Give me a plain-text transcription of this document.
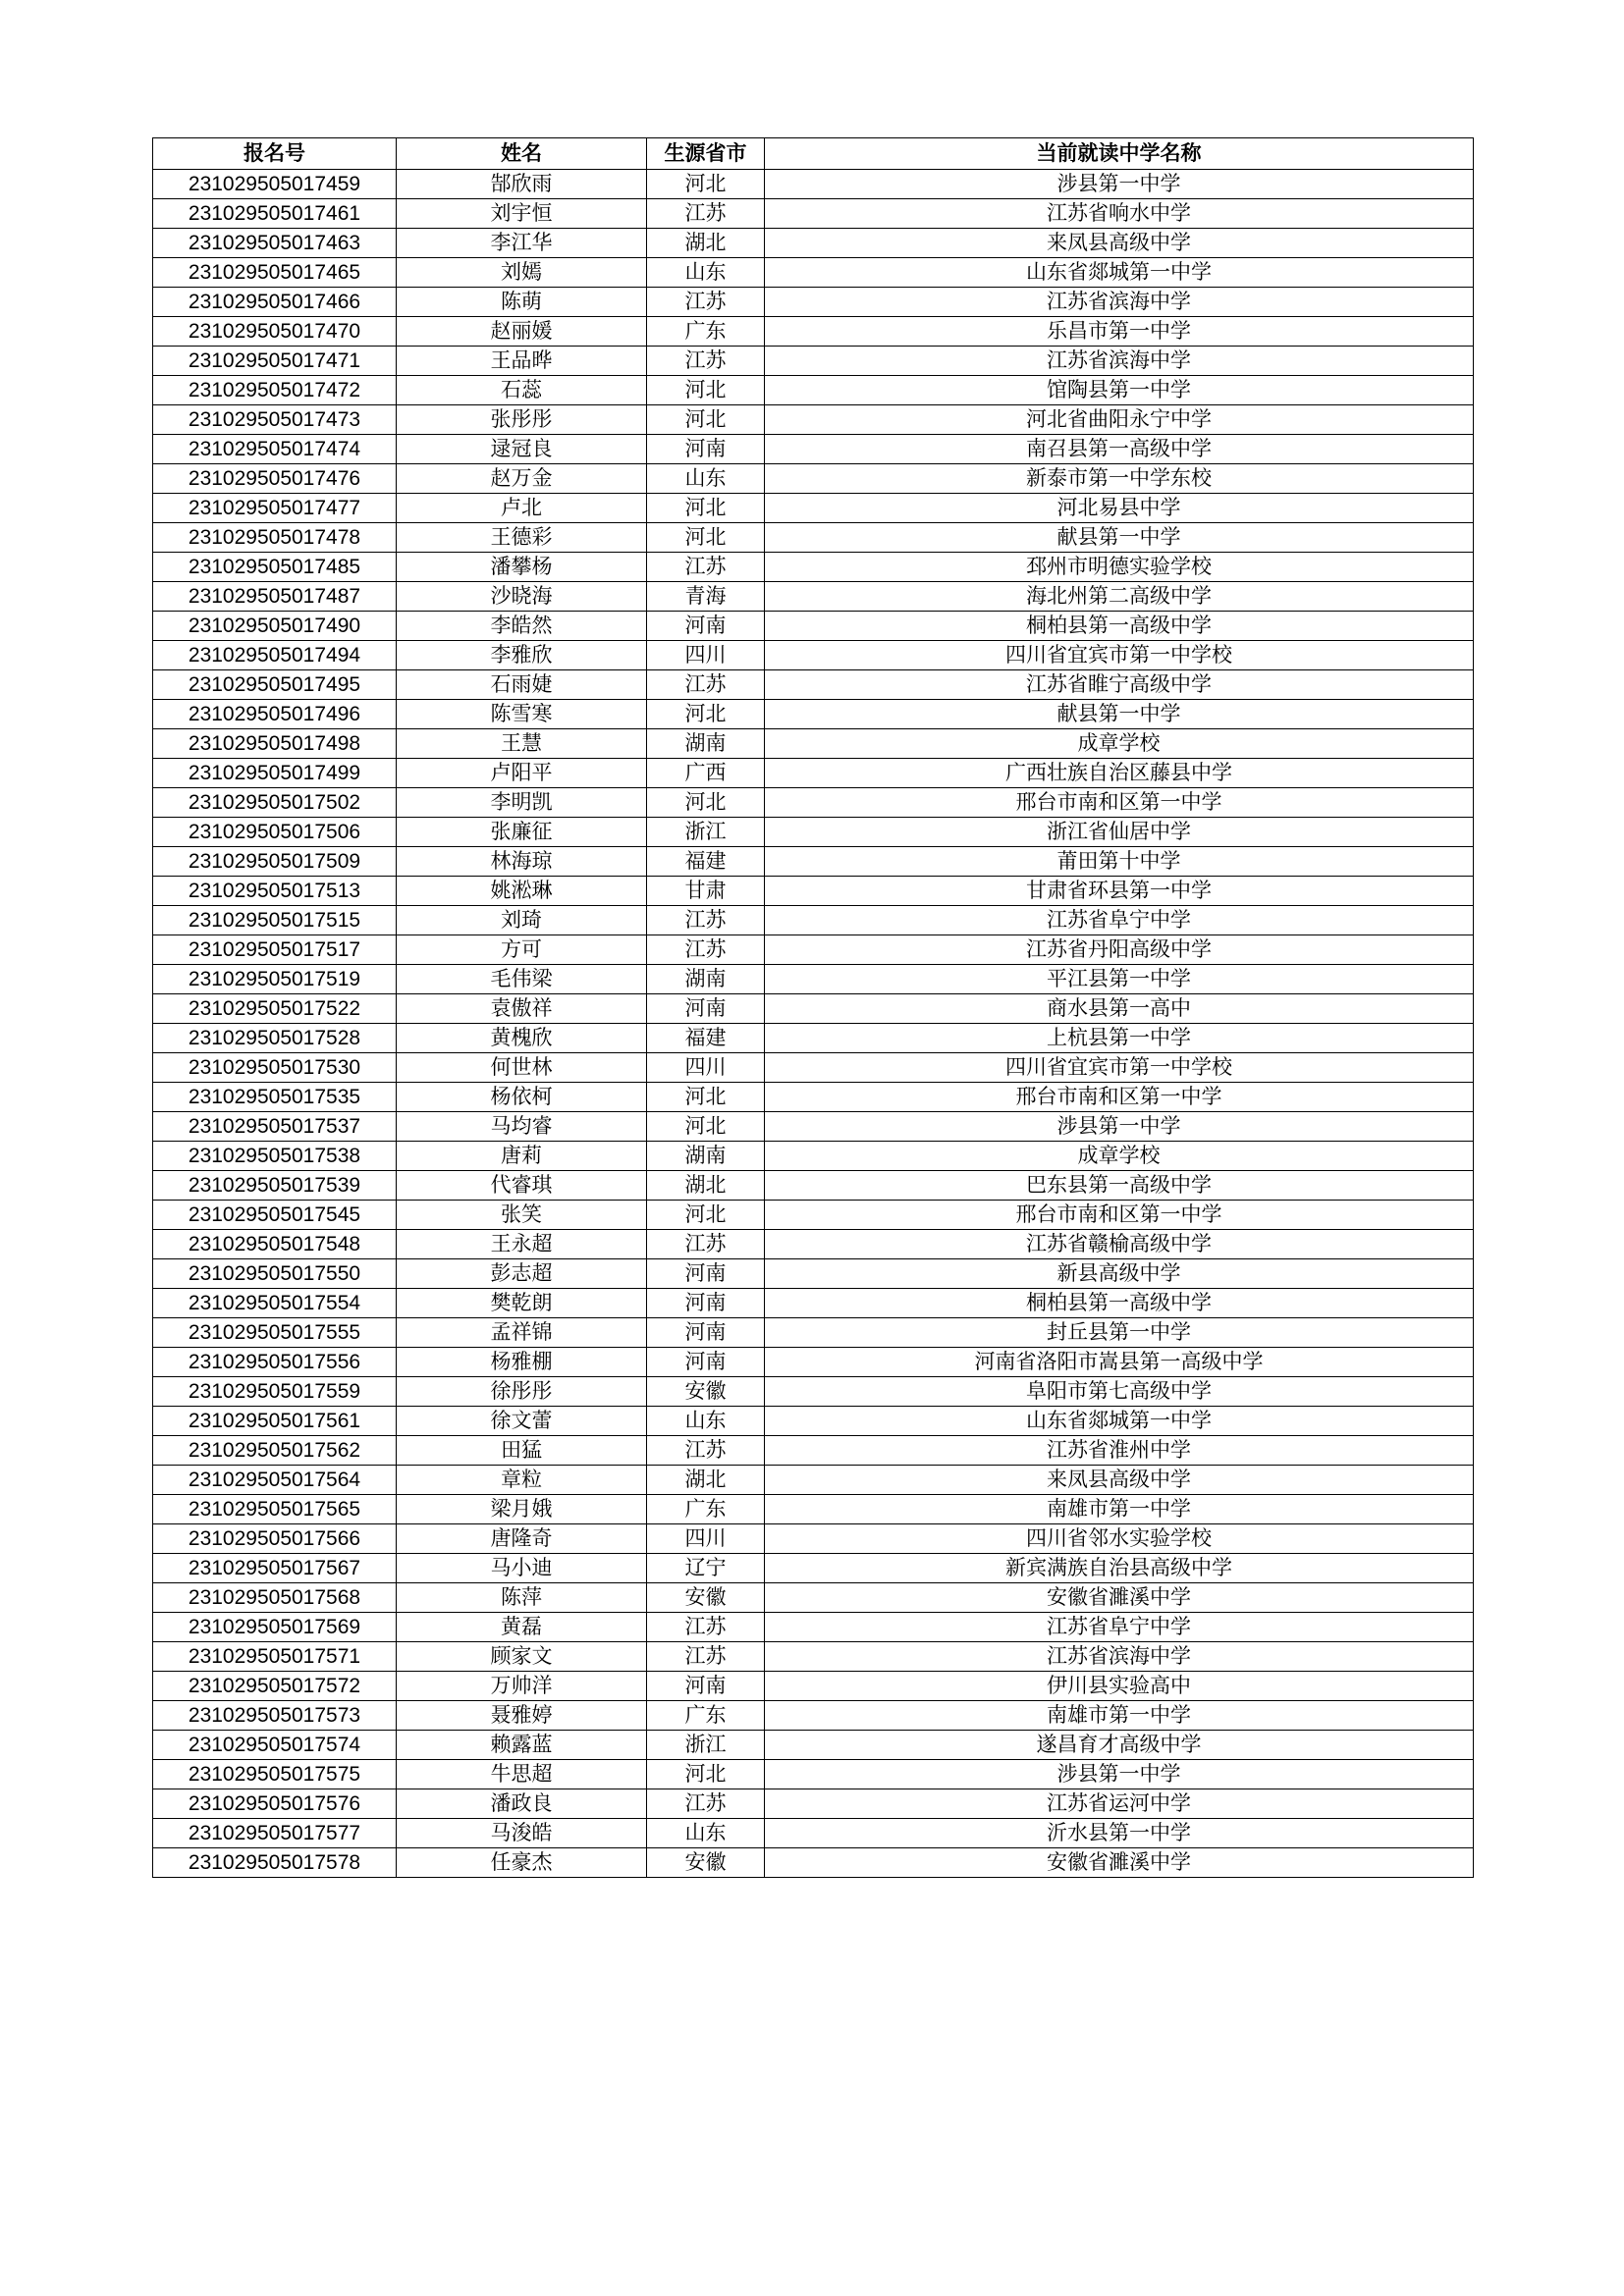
报名号	姓名	生源省市	当前就读中学名称
231029505017459	郜欣雨	河北	涉县第一中学
231029505017461	刘宇恒	江苏	江苏省响水中学
231029505017463	李江华	湖北	来凤县高级中学
231029505017465	刘嫣	山东	山东省郯城第一中学
231029505017466	陈萌	江苏	江苏省滨海中学
231029505017470	赵丽媛	广东	乐昌市第一中学
231029505017471	王品晔	江苏	江苏省滨海中学
231029505017472	石蕊	河北	馆陶县第一中学
231029505017473	张彤彤	河北	河北省曲阳永宁中学
231029505017474	逯冠良	河南	南召县第一高级中学
231029505017476	赵万金	山东	新泰市第一中学东校
231029505017477	卢北	河北	河北易县中学
231029505017478	王德彩	河北	献县第一中学
231029505017485	潘攀杨	江苏	邳州市明德实验学校
231029505017487	沙晓海	青海	海北州第二高级中学
231029505017490	李皓然	河南	桐柏县第一高级中学
231029505017494	李雅欣	四川	四川省宜宾市第一中学校
231029505017495	石雨婕	江苏	江苏省睢宁高级中学
231029505017496	陈雪寒	河北	献县第一中学
231029505017498	王慧	湖南	成章学校
231029505017499	卢阳平	广西	广西壮族自治区藤县中学
231029505017502	李明凯	河北	邢台市南和区第一中学
231029505017506	张廉征	浙江	浙江省仙居中学
231029505017509	林海琼	福建	莆田第十中学
231029505017513	姚淞琳	甘肃	甘肃省环县第一中学
231029505017515	刘琦	江苏	江苏省阜宁中学
231029505017517	方可	江苏	江苏省丹阳高级中学
231029505017519	毛伟梁	湖南	平江县第一中学
231029505017522	袁傲祥	河南	商水县第一高中
231029505017528	黄槐欣	福建	上杭县第一中学
231029505017530	何世林	四川	四川省宜宾市第一中学校
231029505017535	杨依柯	河北	邢台市南和区第一中学
231029505017537	马均睿	河北	涉县第一中学
231029505017538	唐莉	湖南	成章学校
231029505017539	代睿琪	湖北	巴东县第一高级中学
231029505017545	张笑	河北	邢台市南和区第一中学
231029505017548	王永超	江苏	江苏省赣榆高级中学
231029505017550	彭志超	河南	新县高级中学
231029505017554	樊乾朗	河南	桐柏县第一高级中学
231029505017555	孟祥锦	河南	封丘县第一中学
231029505017556	杨雅棚	河南	河南省洛阳市嵩县第一高级中学
231029505017559	徐彤彤	安徽	阜阳市第七高级中学
231029505017561	徐文蕾	山东	山东省郯城第一中学
231029505017562	田猛	江苏	江苏省淮州中学
231029505017564	章粒	湖北	来凤县高级中学
231029505017565	梁月娥	广东	南雄市第一中学
231029505017566	唐隆奇	四川	四川省邻水实验学校
231029505017567	马小迪	辽宁	新宾满族自治县高级中学
231029505017568	陈萍	安徽	安徽省濉溪中学
231029505017569	黄磊	江苏	江苏省阜宁中学
231029505017571	顾家文	江苏	江苏省滨海中学
231029505017572	万帅洋	河南	伊川县实验高中
231029505017573	聂雅婷	广东	南雄市第一中学
231029505017574	赖露蓝	浙江	遂昌育才高级中学
231029505017575	牛思超	河北	涉县第一中学
231029505017576	潘政良	江苏	江苏省运河中学
231029505017577	马浚皓	山东	沂水县第一中学
231029505017578	任豪杰	安徽	安徽省濉溪中学
